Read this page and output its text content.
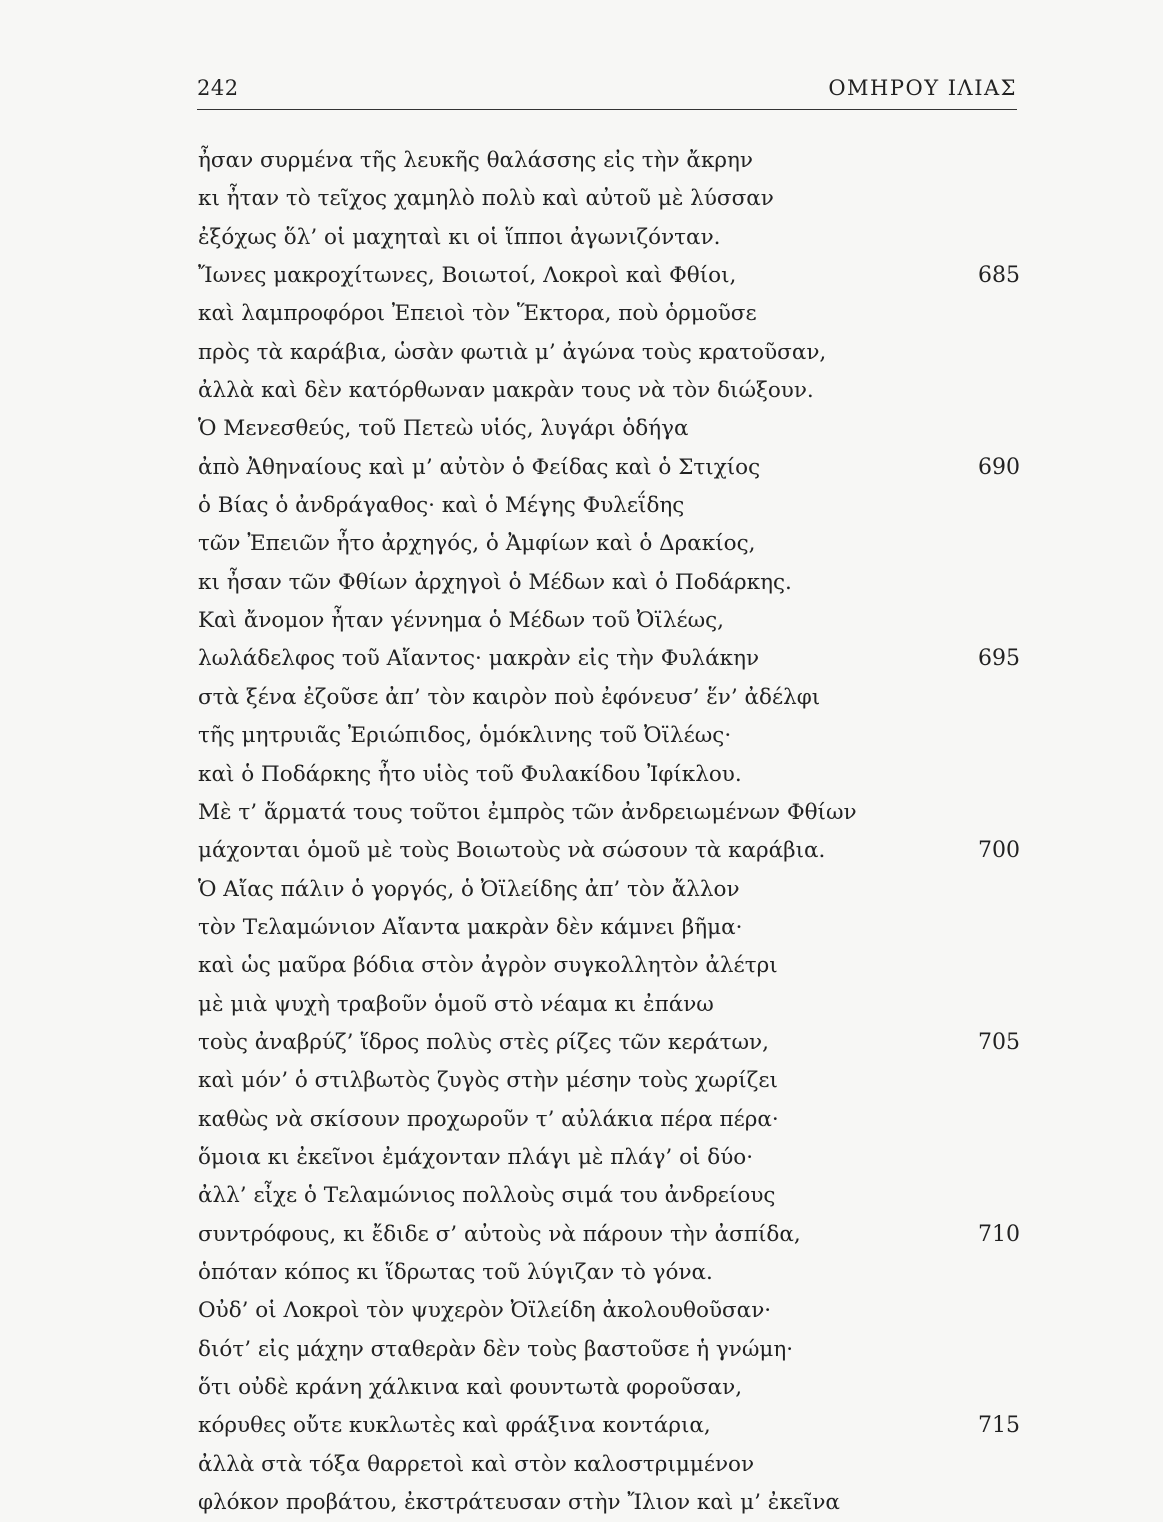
242	ΟΜΗΡΟΥ ΙΛΙΑΣ
ἦσαν συρμένα τῆς λευκῆς θαλάσσης εἰς τὴν ἄκρην
κι ἦταν τὸ τεῖχος χαμηλὸ πολὺ καὶ αὐτοῦ μὲ λύσσαν
ἐξόχως ὅλ’ οἱ μαχηταὶ κι οἱ ἵπποι ἀγωνιζόνταν.
Ἴωνες μακροχίτωνες, Βοιωτοί, Λοκροὶ καὶ Φθίοι,	685
καὶ λαμπροφόροι Ἐπειοὶ τὸν Ἕκτορα, ποὺ ὁρμοῦσε
πρὸς τὰ καράβια, ὡσὰν φωτιὰ μ’ ἀγώνα τοὺς κρατοῦσαν,
ἀλλὰ καὶ δὲν κατόρθωναν μακρὰν τους νὰ τὸν διώξουν.
Ὁ Μενεσθεύς, τοῦ Πετεὼ υἱός, λυγάρι ὁδήγα
ἀπὸ Ἀθηναίους καὶ μ’ αὐτὸν ὁ Φείδας καὶ ὁ Στιχίος	690
ὁ Βίας ὁ ἀνδράγαθος· καὶ ὁ Μέγης Φυλεΐδης
τῶν Ἐπειῶν ἦτο ἀρχηγός, ὁ Ἀμφίων καὶ ὁ Δρακίος,
κι ἦσαν τῶν Φθίων ἀρχηγοὶ ὁ Μέδων καὶ ὁ Ποδάρκης.
Καὶ ἄνομον ἦταν γέννημα ὁ Μέδων τοῦ Ὀϊλέως,
λωλάδελφος τοῦ Αἴαντος· μακρὰν εἰς τὴν Φυλάκην	695
στὰ ξένα ἐζοῦσε ἀπ’ τὸν καιρὸν ποὺ ἐφόνευσ’ ἕν’ ἀδέλφι
τῆς μητρυιᾶς Ἐριώπιδος, ὁμόκλινης τοῦ Ὀϊλέως·
καὶ ὁ Ποδάρκης ἦτο υἱὸς τοῦ Φυλακίδου Ἰφίκλου.
Μὲ τ’ ἅρματά τους τοῦτοι ἐμπρὸς τῶν ἀνδρειωμένων Φθίων
μάχονται ὁμοῦ μὲ τοὺς Βοιωτοὺς νὰ σώσουν τὰ καράβια.	700
Ὁ Αἴας πάλιν ὁ γοργός, ὁ Ὀϊλείδης ἀπ’ τὸν ἄλλον
τὸν Τελαμώνιον Αἴαντα μακρὰν δὲν κάμνει βῆμα·
καὶ ὡς μαῦρα βόδια στὸν ἀγρὸν συγκολλητὸν ἀλέτρι
μὲ μιὰ ψυχὴ τραβοῦν ὁμοῦ στὸ νέαμα κι ἐπάνω
τοὺς ἀναβρύζ’ ἵδρος πολὺς στὲς ρίζες τῶν κεράτων,	705
καὶ μόν’ ὁ στιλβωτὸς ζυγὸς στὴν μέσην τοὺς χωρίζει
καθὼς νὰ σκίσουν προχωροῦν τ’ αὐλάκια πέρα πέρα·
ὅμοια κι ἐκεῖνοι ἐμάχονταν πλάγι μὲ πλάγ’ οἱ δύο·
ἀλλ’ εἶχε ὁ Τελαμώνιος πολλοὺς σιμά του ἀνδρείους
συντρόφους, κι ἔδιδε σ’ αὐτοὺς νὰ πάρουν τὴν ἀσπίδα,	710
ὁπόταν κόπος κι ἵδρωτας τοῦ λύγιζαν τὸ γόνα.
Οὐδ’ οἱ Λοκροὶ τὸν ψυχερὸν Ὀϊλείδη ἀκολουθοῦσαν·
διότ’ εἰς μάχην σταθερὰν δὲν τοὺς βαστοῦσε ἡ γνώμη·
ὅτι οὐδὲ κράνη χάλκινα καὶ φουντωτὰ φοροῦσαν,
κόρυθες οὔτε κυκλωτὲς καὶ φράξινα κοντάρια,	715
ἀλλὰ στὰ τόξα θαρρετοὶ καὶ στὸν καλοστριμμένον
φλόκον προβάτου, ἐκστράτευσαν στὴν Ἴλιον καὶ μ’ ἐκεῖνα
